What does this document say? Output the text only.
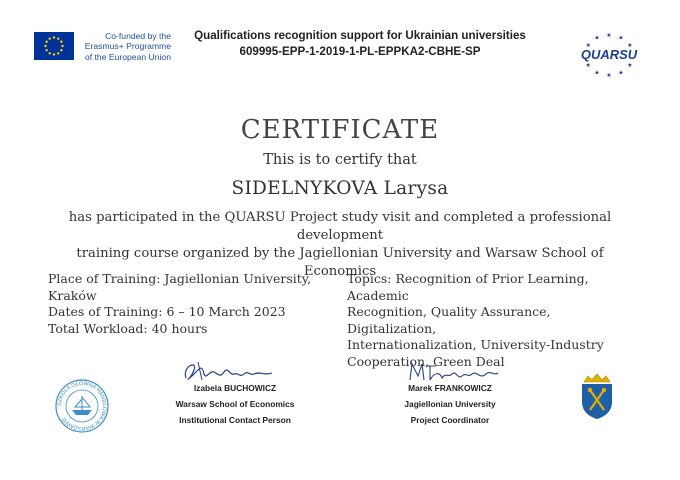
Co-funded by the
Erasmus+ Programme
of the European Union
Qualifications recognition support for Ukrainian universities
609995-EPP-1-2019-1-PL-EPPKA2-CBHE-SP
★
★
★
★
★
★
★ ★ ★
★
QUARSU
CERTIFICATE
This is to certify that
SIDELNYKOVA Larysa
has participated in the QUARSU Project study visit and completed a professional development
training course organized by the Jagiellonian University and Warsaw School of Economics
Place of Training: Jagiellonian University, Kraków
Dates of Training: 6 – 10 March 2023
Total Workload: 40 hours
Topics: Recognition of Prior Learning, Academic
Recognition, Quality Assurance, Digitalization,
Internationalization, University-Industry
Cooperation, Green Deal
Izabela BUCHOWICZ
Warsaw School of Economics
Institutional Contact Person
Marek FRANKOWICZ
Jagiellonian University
Project Coordinator
SZKOŁA GŁÓWNA HANDLOWA W WARSZAWIE
